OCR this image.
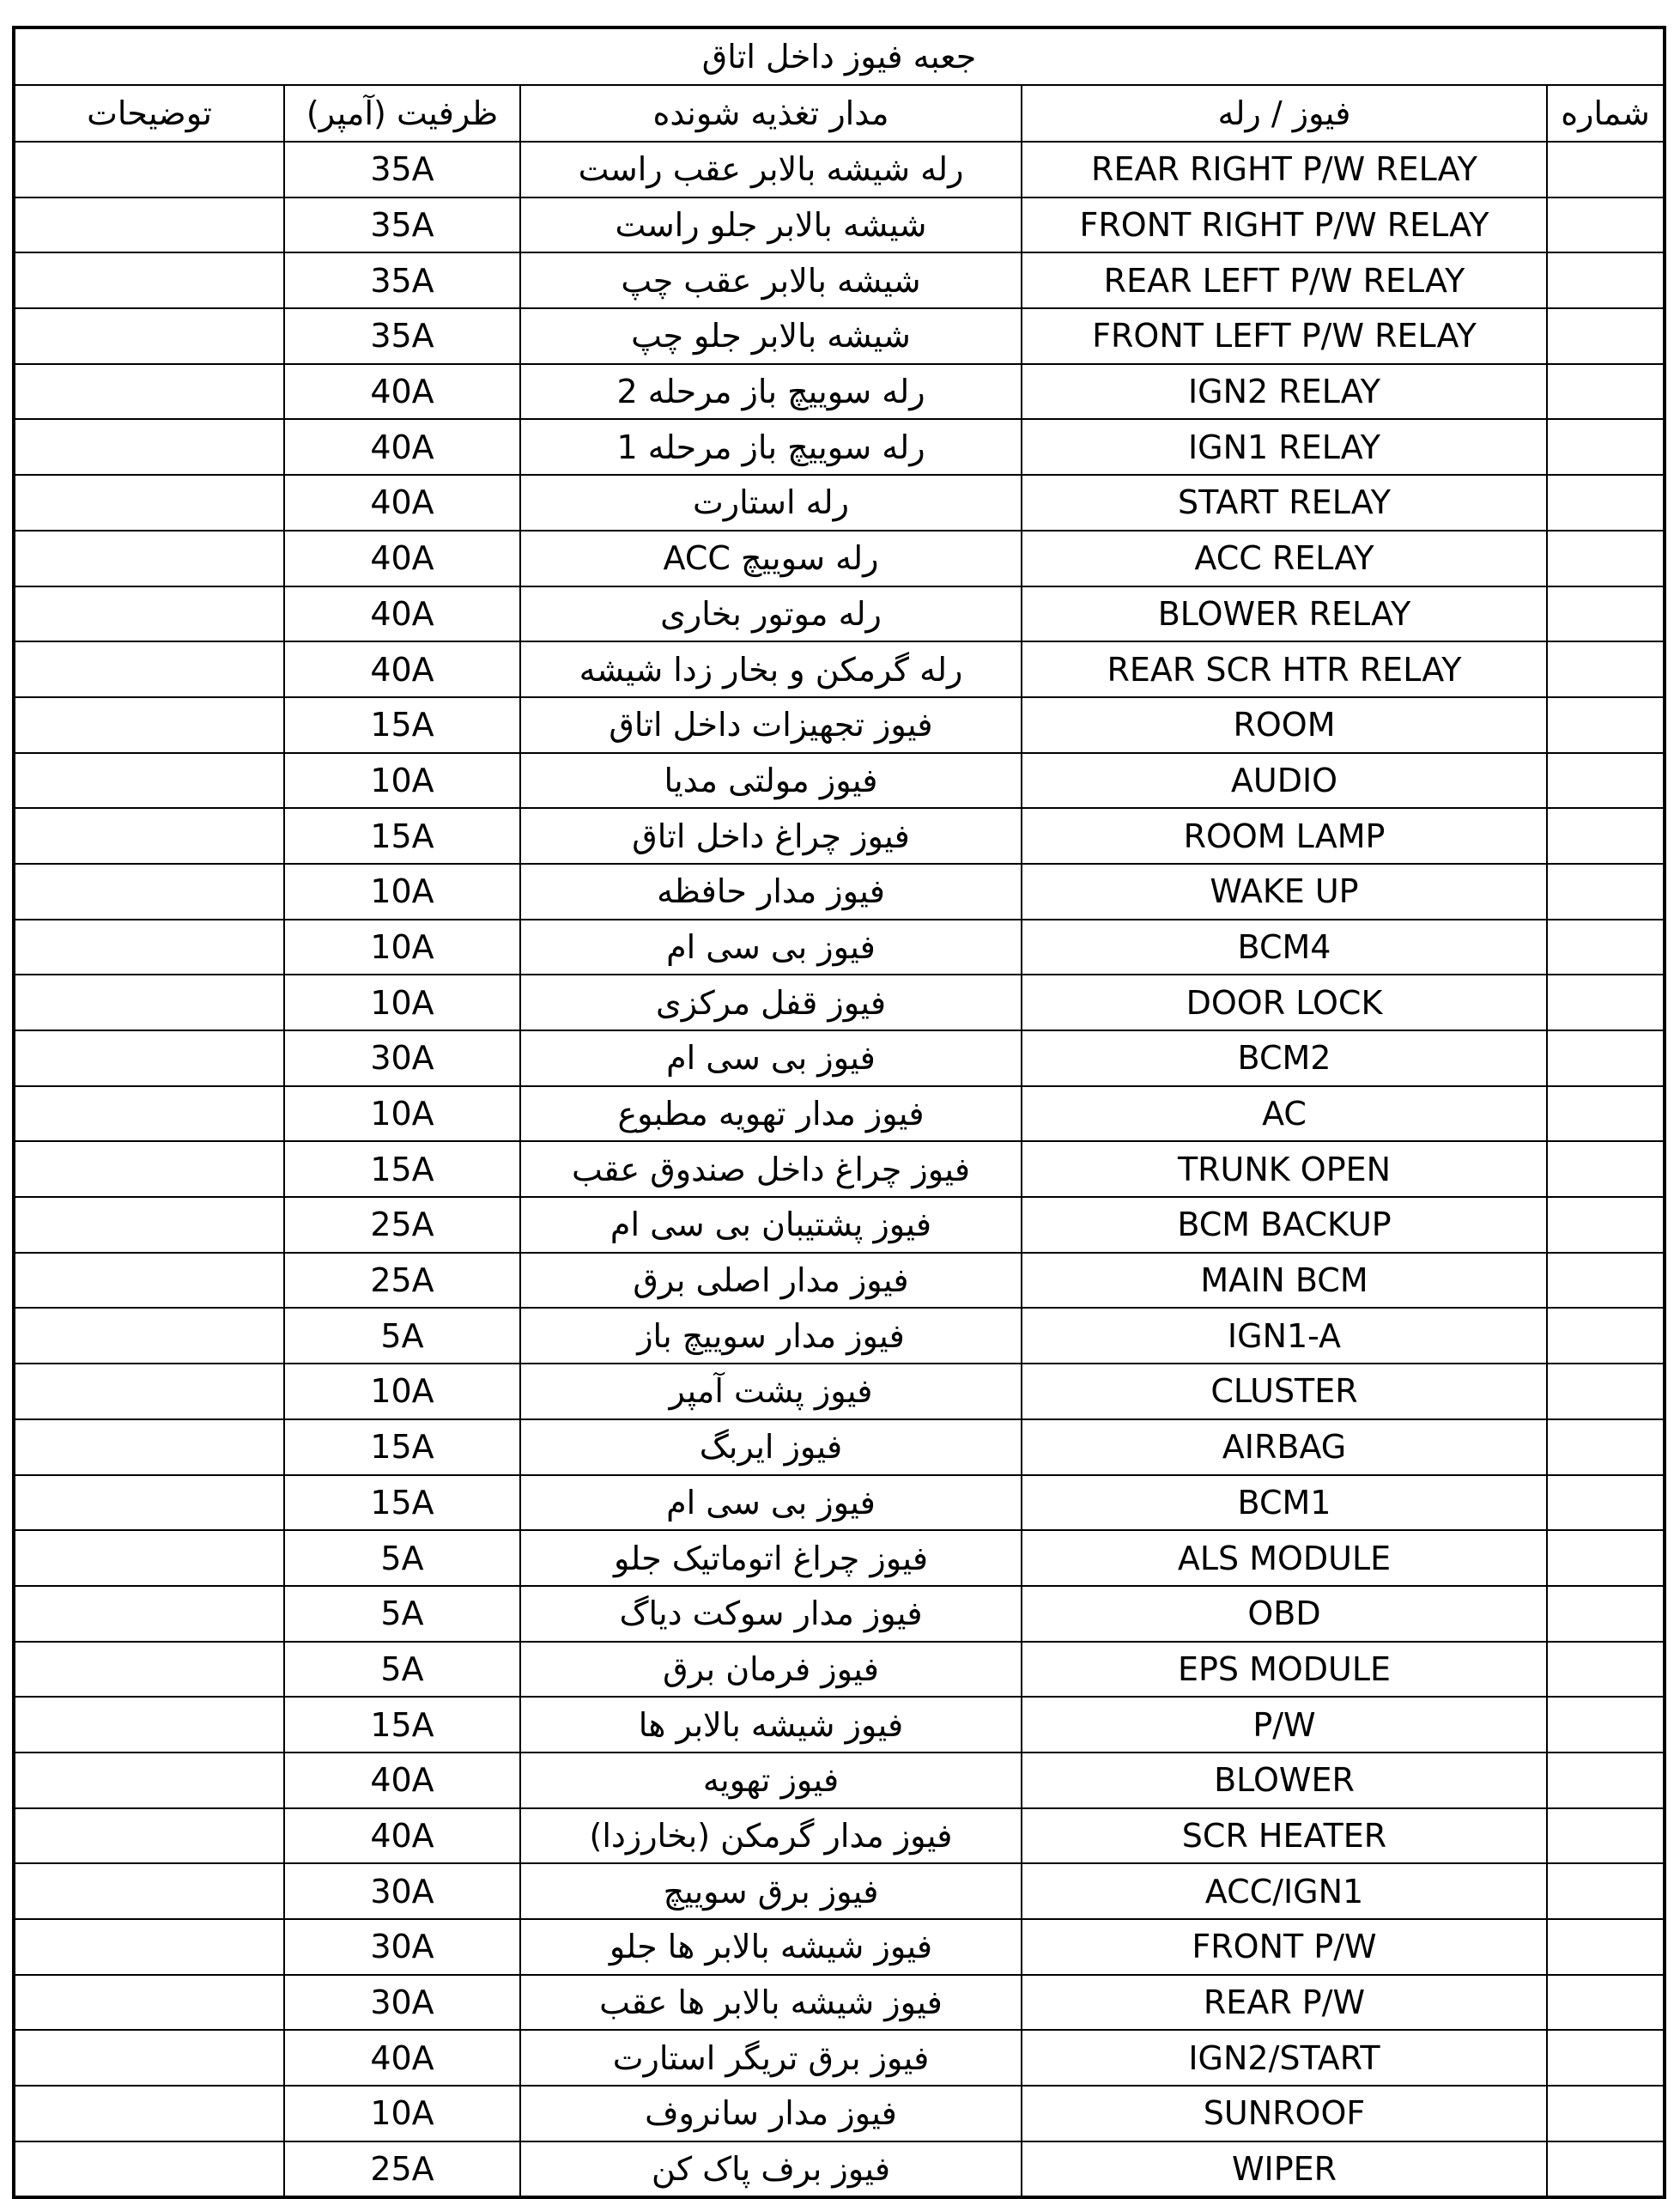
جعبه فیوز داخل اتاق				
توضیحات	ظرفیت (آمپر)	مدار تغذیه شونده	فیوز / رله	شماره
	35A	رله شیشه بالابر عقب راست	REAR RIGHT P/W RELAY	
	35A	شیشه بالابر جلو راست	FRONT RIGHT P/W RELAY	
	35A	شیشه بالابر عقب چپ	REAR LEFT P/W RELAY	
	35A	شیشه بالابر جلو چپ	FRONT LEFT P/W RELAY	
	40A	رله سوییچ باز مرحله 2	IGN2 RELAY	
	40A	رله سوییچ باز مرحله 1	IGN1 RELAY	
	40A	رله استارت	START RELAY	
	40A	رله سوییچ ACC	ACC RELAY	
	40A	رله موتور بخاری	BLOWER RELAY	
	40A	رله گرمکن و بخار زدا شیشه	REAR SCR HTR RELAY	
	15A	فیوز تجهیزات داخل اتاق	ROOM	
	10A	فیوز مولتی مدیا	AUDIO	
	15A	فیوز چراغ داخل اتاق	ROOM LAMP	
	10A	فیوز مدار حافظه	WAKE UP	
	10A	فیوز بی سی ام	BCM4	
	10A	فیوز قفل مرکزی	DOOR LOCK	
	30A	فیوز بی سی ام	BCM2	
	10A	فیوز مدار تهویه مطبوع	AC	
	15A	فیوز چراغ داخل صندوق عقب	TRUNK OPEN	
	25A	فیوز پشتیبان بی سی ام	BCM BACKUP	
	25A	فیوز مدار اصلی برق	MAIN BCM	
	5A	فیوز مدار سوییچ باز	IGN1-A	
	10A	فیوز پشت آمپر	CLUSTER	
	15A	فیوز ایربگ	AIRBAG	
	15A	فیوز بی سی ام	BCM1	
	5A	فیوز چراغ اتوماتیک جلو	ALS MODULE	
	5A	فیوز مدار سوکت دیاگ	OBD	
	5A	فیوز فرمان برق	EPS MODULE	
	15A	فیوز شیشه بالابر ها	P/W	
	40A	فیوز تهویه	BLOWER	
	40A	فیوز مدار گرمکن (بخارزدا)	SCR HEATER	
	30A	فیوز برق سوییچ	ACC/IGN1	
	30A	فیوز شیشه بالابر ها جلو	FRONT P/W	
	30A	فیوز شیشه بالابر ها عقب	REAR P/W	
	40A	فیوز برق تریگر استارت	IGN2/START	
	10A	فیوز مدار سانروف	SUNROOF	
	25A	فیوز برف پاک کن	WIPER	
